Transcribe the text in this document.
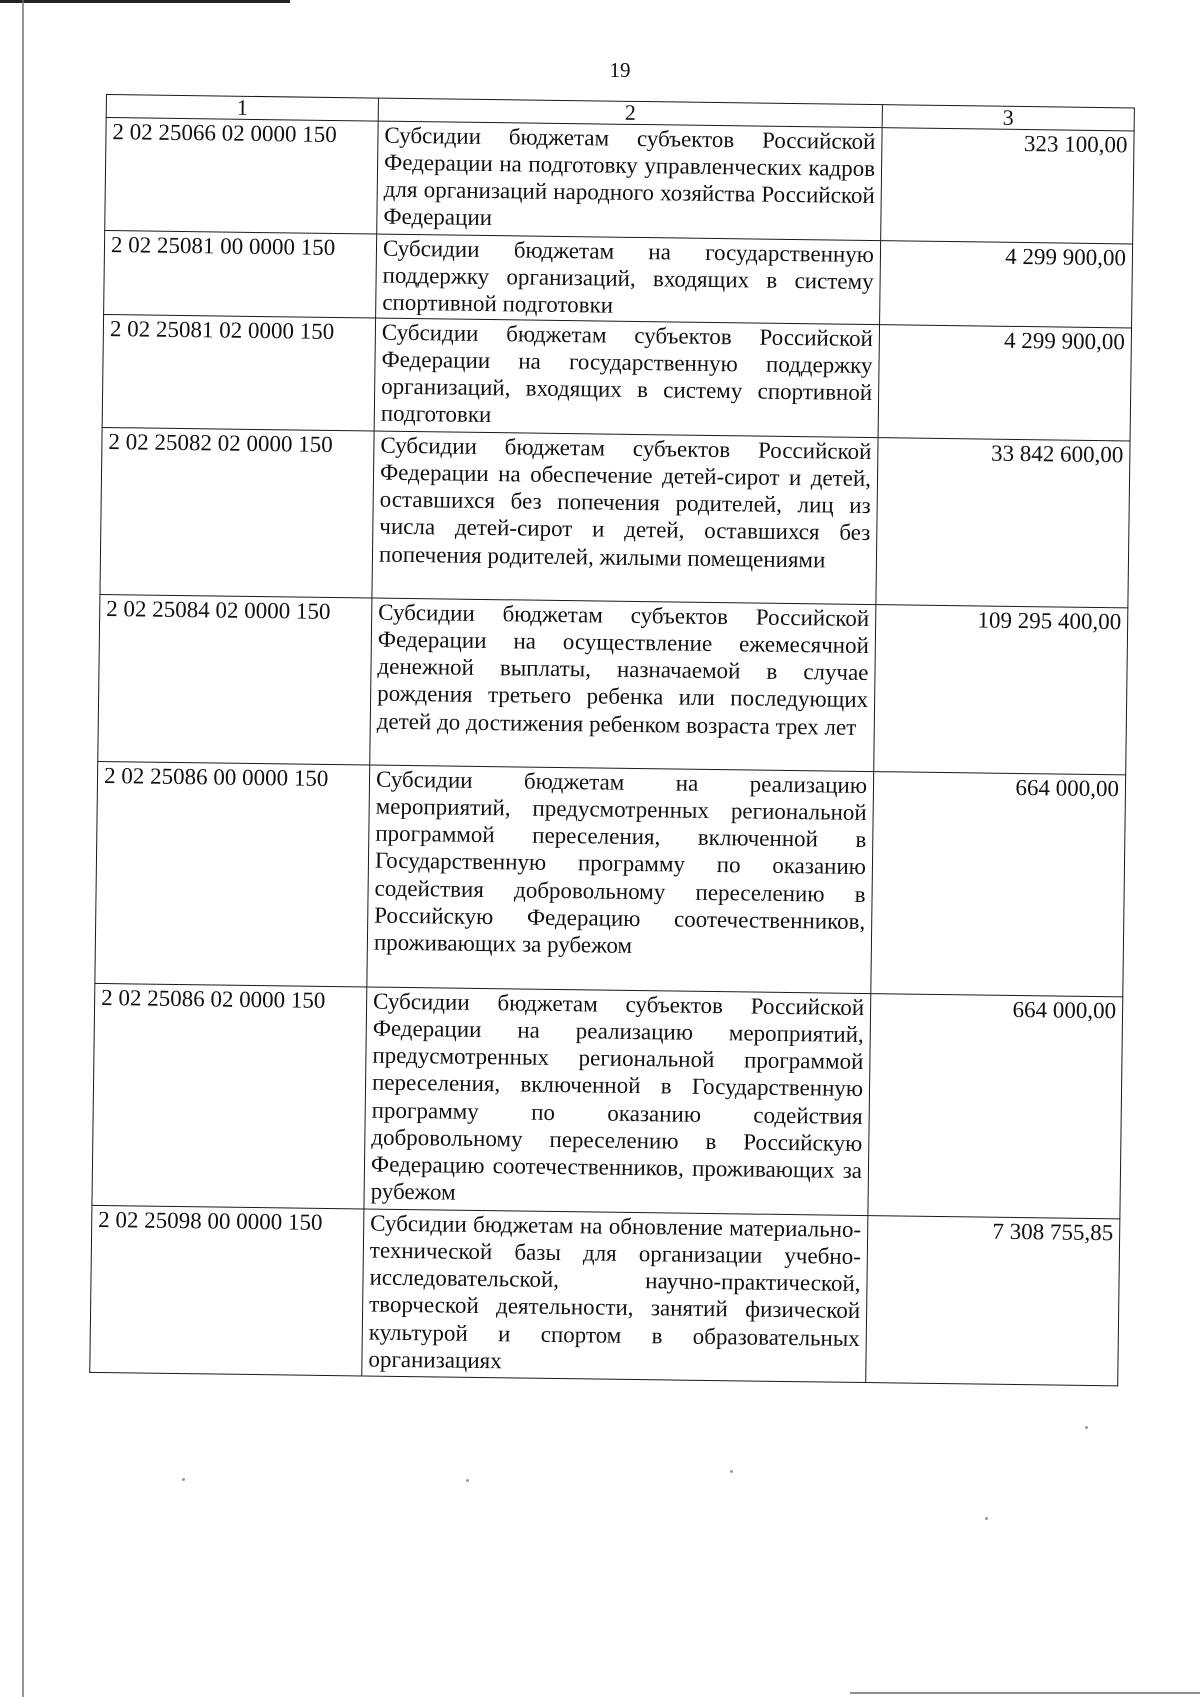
19
1	2	3
2 02 25066 02 0000 150	Субсидии бюджетам субъектов Российской Федерации на подготовку управленческих кадров для организаций народного хозяйства Российской Федерации	323 100,00
2 02 25081 00 0000 150	Субсидии бюджетам на государственную поддержку организаций, входящих в систему спортивной подготовки	4 299 900,00
2 02 25081 02 0000 150	Субсидии бюджетам субъектов Российской Федерации на государственную поддержку организаций, входящих в систему спортивной подготовки	4 299 900,00
2 02 25082 02 0000 150	Субсидии бюджетам субъектов Российской Федерации на обеспечение детей-сирот и детей, оставшихся без попечения родителей, лиц из числа детей-сирот и детей, оставшихся без попечения родителей, жилыми помещениями	33 842 600,00
2 02 25084 02 0000 150	Субсидии бюджетам субъектов Российской Федерации на осуществление ежемесячной денежной выплаты, назначаемой в случае рождения третьего ребенка или последующих детей до достижения ребенком возраста трех лет	109 295 400,00
2 02 25086 00 0000 150	Субсидии бюджетам на реализацию мероприятий, предусмотренных региональной программой переселения, включенной в Государственную программу по оказанию содействия добровольному переселению в Российскую Федерацию соотечественников, проживающих за рубежом	664 000,00
2 02 25086 02 0000 150	Субсидии бюджетам субъектов Российской Федерации на реализацию мероприятий, предусмотренных региональной программой переселения, включенной в Государственную программу по оказанию содействия добровольному переселению в Российскую Федерацию соотечественников, проживающих за рубежом	664 000,00
2 02 25098 00 0000 150	Субсидии бюджетам на обновление материально-технической базы для организации учебно-исследовательской, научно-практической, творческой деятельности, занятий физической культурой и спортом в образовательных организациях	7 308 755,85
